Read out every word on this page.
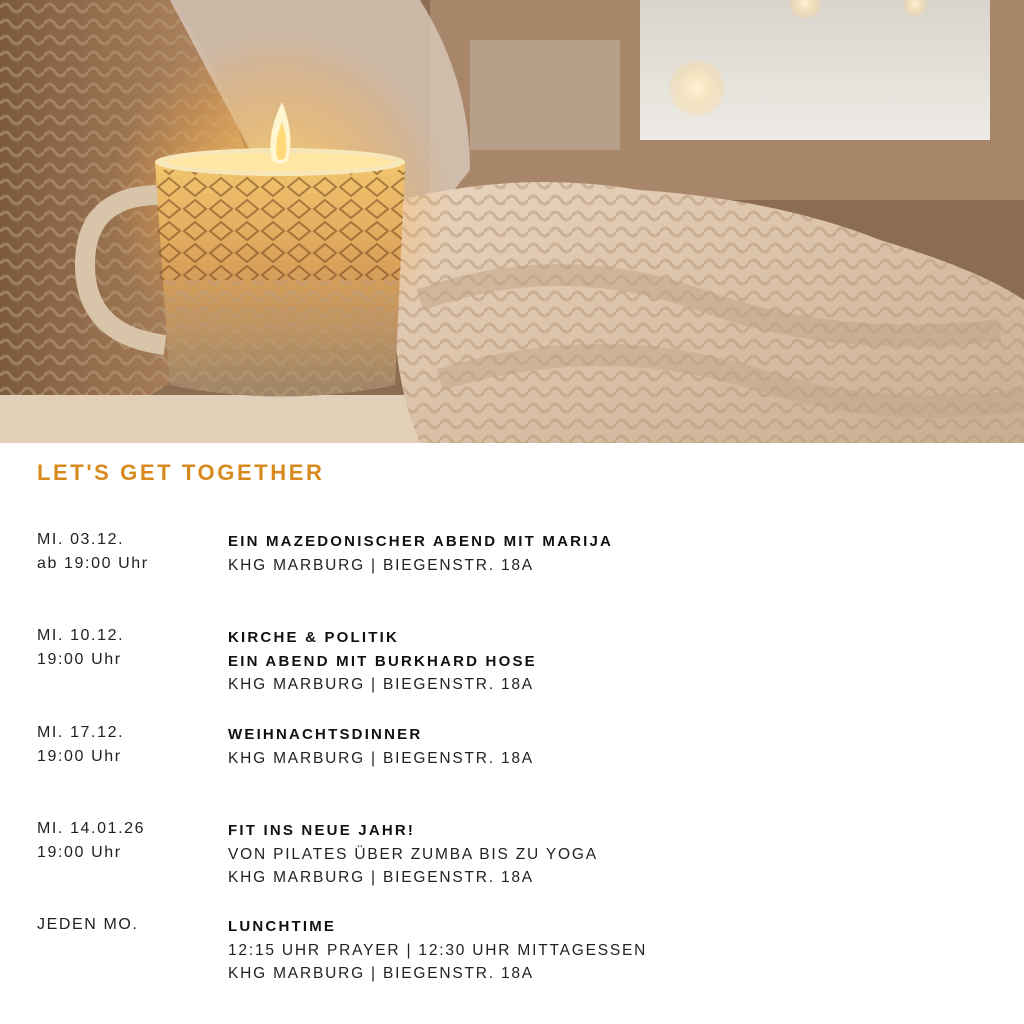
LET'S GET TOGETHER
MI. 03.12.
ab 19:00 Uhr
EIN MAZEDONISCHER ABEND MIT MARIJA
KHG MARBURG | BIEGENSTR. 18A
MI. 10.12.
19:00 Uhr
KIRCHE & POLITIK
EIN ABEND MIT BURKHARD HOSE
KHG MARBURG | BIEGENSTR. 18A
MI. 17.12.
19:00 Uhr
WEIHNACHTSDINNER
KHG MARBURG | BIEGENSTR. 18A
MI. 14.01.26
19:00 Uhr
FIT INS NEUE JAHR!
VON PILATES ÜBER ZUMBA BIS ZU YOGA
KHG MARBURG | BIEGENSTR. 18A
JEDEN MO.	LUNCHTIME
12:15 UHR PRAYER | 12:30 UHR MITTAGESSEN
KHG MARBURG | BIEGENSTR. 18A
